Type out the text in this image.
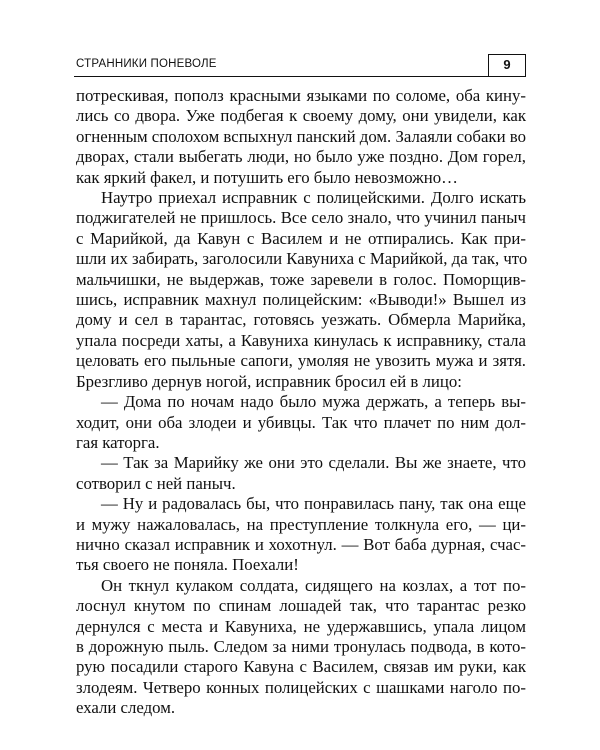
СТРАННИКИ ПОНЕВОЛЕ	9

потрескивая, пополз красными языками по соломе, оба кину-
лись со двора. Уже подбегая к своему дому, они увидели, как
огненным сполохом вспыхнул панский дом. Залаяли собаки во
дворах, стали выбегать люди, но было уже поздно. Дом горел,
как яркий факел, и потушить его было невозможно…

Наутро приехал исправник с полицейскими. Долго искать
поджигателей не пришлось. Все село знало, что учинил паныч
с Марийкой, да Кавун с Василем и не отпирались. Как при-
шли их забирать, заголосили Кавуниха с Марийкой, да так, что
мальчишки, не выдержав, тоже заревели в голос. Поморщив-
шись, исправник махнул полицейским: «Выводи!» Вышел из
дому и сел в тарантас, готовясь уезжать. Обмерла Марийка,
упала посреди хаты, а Кавуниха кинулась к исправнику, стала
целовать его пыльные сапоги, умоляя не увозить мужа и зятя.
Брезгливо дернув ногой, исправник бросил ей в лицо:

— Дома по ночам надо было мужа держать, а теперь вы-
ходит, они оба злодеи и убивцы. Так что плачет по ним дол-
гая каторга.

— Так за Марийку же они это сделали. Вы же знаете, что
сотворил с ней паныч.

— Ну и радовалась бы, что понравилась пану, так она еще
и мужу нажаловалась, на преступление толкнула его, — ци-
нично сказал исправник и хохотнул. — Вот баба дурная, счас-
тья своего не поняла. Поехали!

Он ткнул кулаком солдата, сидящего на козлах, а тот по-
лоснул кнутом по спинам лошадей так, что тарантас резко
дернулся с места и Кавуниха, не удержавшись, упала лицом
в дорожную пыль. Следом за ними тронулась подвода, в кото-
рую посадили старого Кавуна с Василем, связав им руки, как
злодеям. Четверо конных полицейских с шашками наголо по-
ехали следом.
